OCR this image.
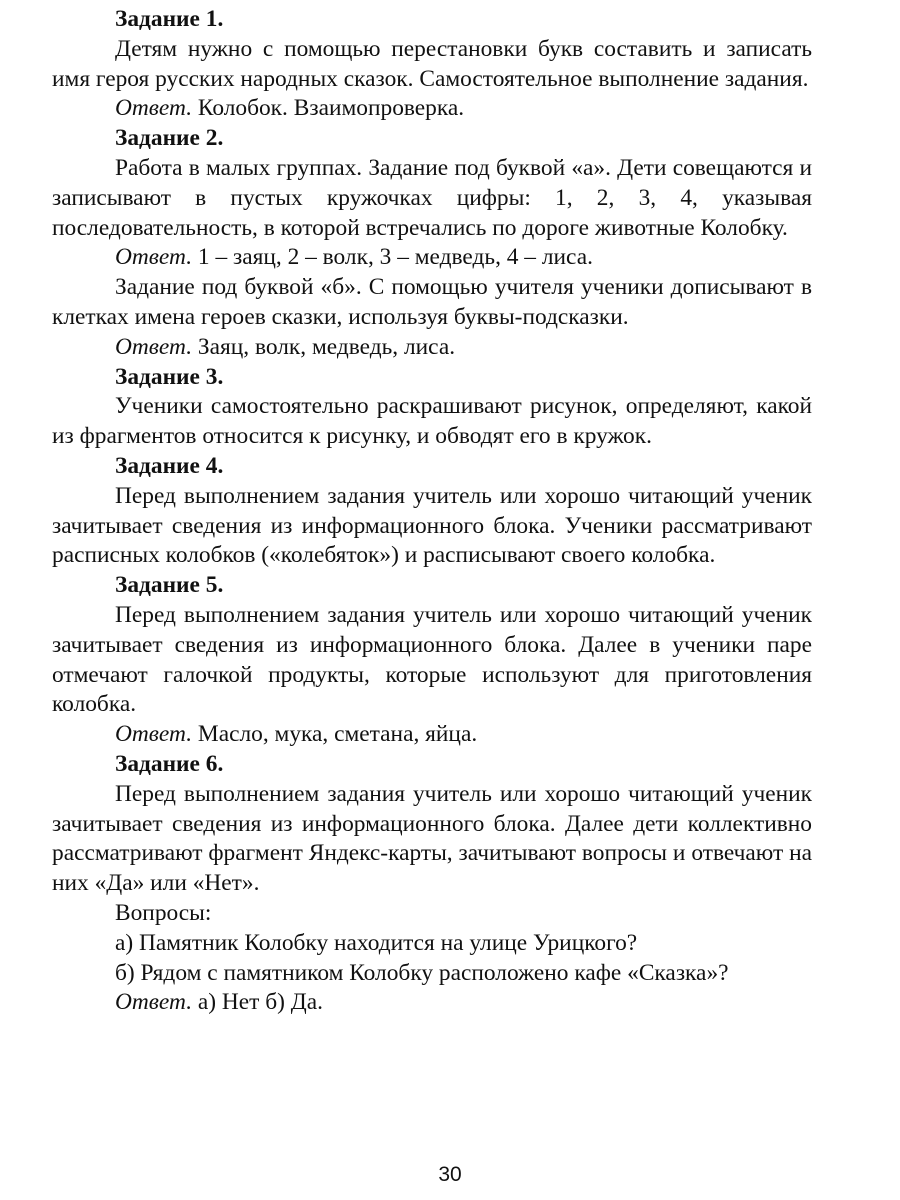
Задание 1.

Детям нужно с помощью перестановки букв составить и записать имя героя русских народных сказок. Самостоятельное выполнение задания.

Ответ. Колобок. Взаимопроверка.

Задание 2.

Работа в малых группах. Задание под буквой «а». Дети совещаются и записывают в пустых кружочках цифры: 1, 2, 3, 4, указывая последовательность, в которой встречались по дороге животные Колобку.

Ответ. 1 – заяц, 2 – волк, 3 – медведь, 4 – лиса.

Задание под буквой «б». С помощью учителя ученики дописывают в клетках имена героев сказки, используя буквы-подсказки.

Ответ. Заяц, волк, медведь, лиса.

Задание 3.

Ученики самостоятельно раскрашивают рисунок, определяют, какой из фрагментов относится к рисунку, и обводят его в кружок.

Задание 4.

Перед выполнением задания учитель или хорошо читающий ученик зачитывает сведения из информационного блока. Ученики рассматривают расписных колобков («колебяток») и расписывают своего колобка.

Задание 5.

Перед выполнением задания учитель или хорошо читающий ученик зачитывает сведения из информационного блока. Далее в ученики паре отмечают галочкой продукты, которые используют для приготовления колобка.

Ответ. Масло, мука, сметана, яйца.

Задание 6.

Перед выполнением задания учитель или хорошо читающий ученик зачитывает сведения из информационного блока. Далее дети коллективно рассматривают фрагмент Яндекс-карты, зачитывают вопросы и отвечают на них «Да» или «Нет».

Вопросы:

а) Памятник Колобку находится на улице Урицкого?

б) Рядом с памятником Колобку расположено кафе «Сказка»?

Ответ. а) Нет б) Да.

30
